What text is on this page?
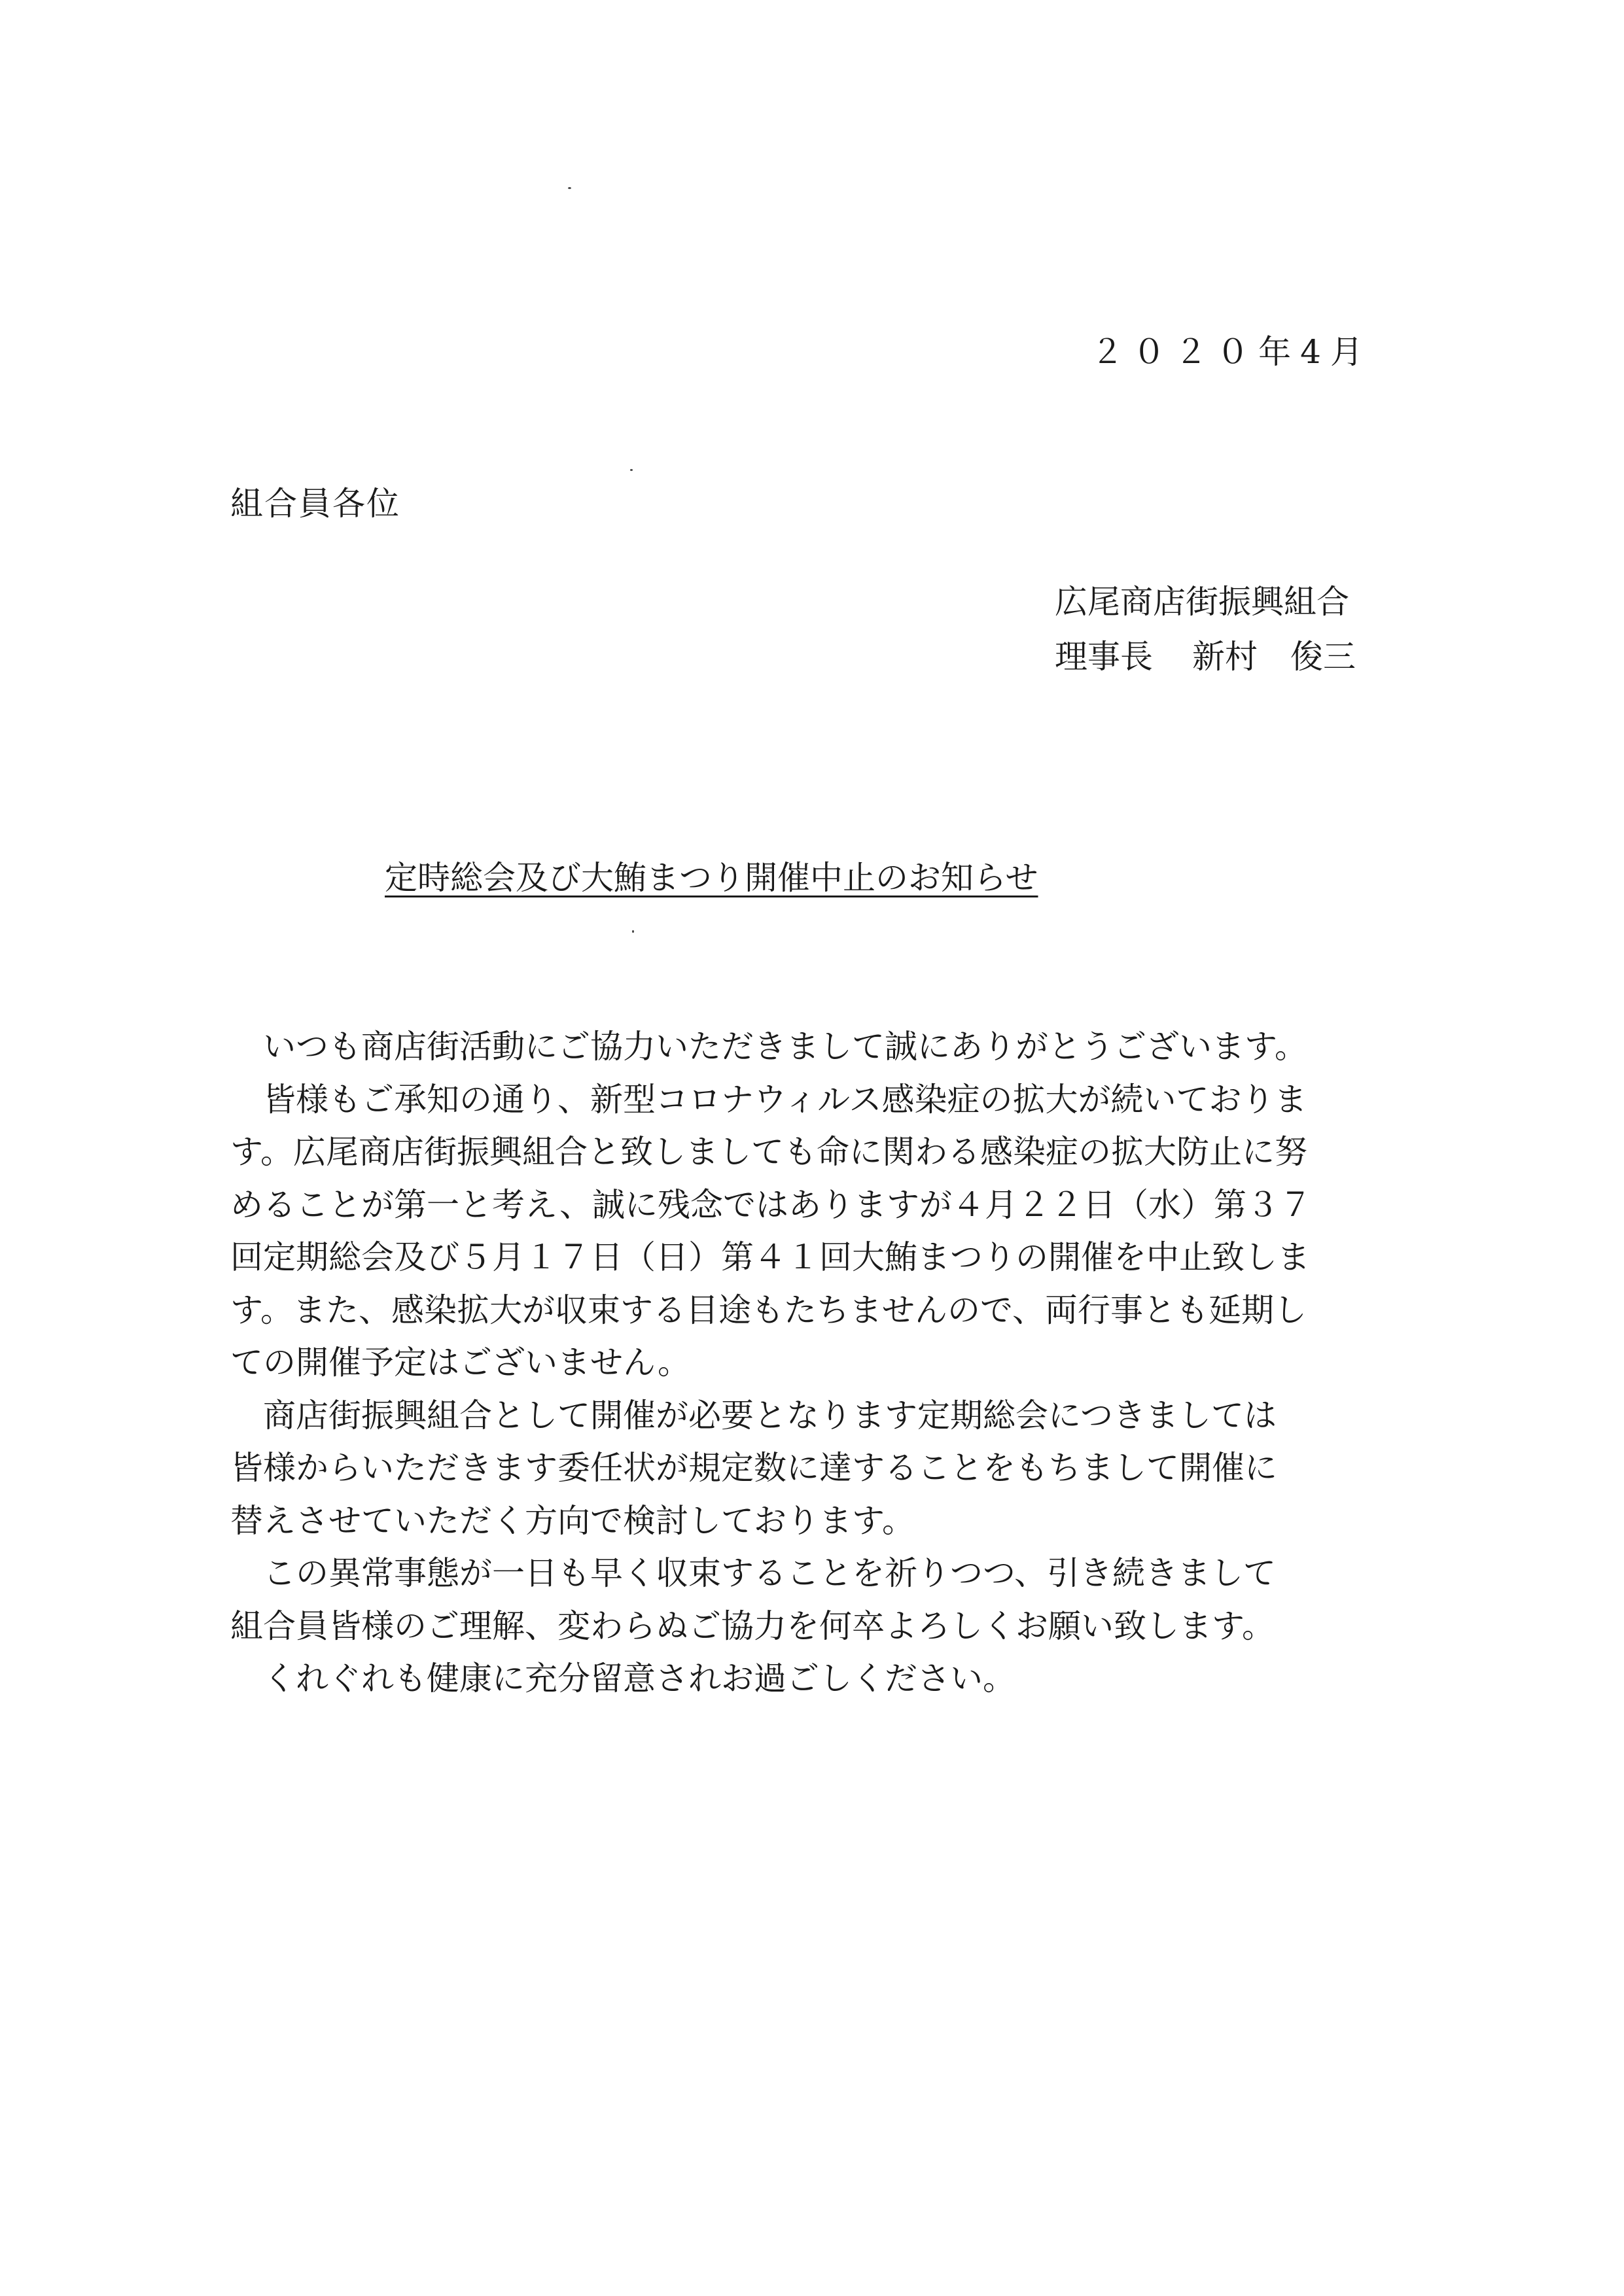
２０２０年4月
組合員各位
広尾商店街振興組合
理事長 新村 俊三
定時総会及び大鮪まつり開催中止のお知らせ

　いつも商店街活動にご協力いただきまして誠にありがとうございます。

　皆様もご承知の通り、新型コロナウィルス感染症の拡大が続いておりま

す。広尾商店街振興組合と致しましても命に関わる感染症の拡大防止に努

めることが第一と考え、誠に残念ではありますが４月２２日（水）第３７

回定期総会及び５月１７日（日）第４１回大鮪まつりの開催を中止致しま

す。また、感染拡大が収束する目途もたちませんので、両行事とも延期し

ての開催予定はございません。

　商店街振興組合として開催が必要となります定期総会につきましては

皆様からいただきます委任状が規定数に達することをもちまして開催に

替えさせていただく方向で検討しております。

　この異常事態が一日も早く収束することを祈りつつ、引き続きまして

組合員皆様のご理解、変わらぬご協力を何卒よろしくお願い致します。

　くれぐれも健康に充分留意されお過ごしください。
